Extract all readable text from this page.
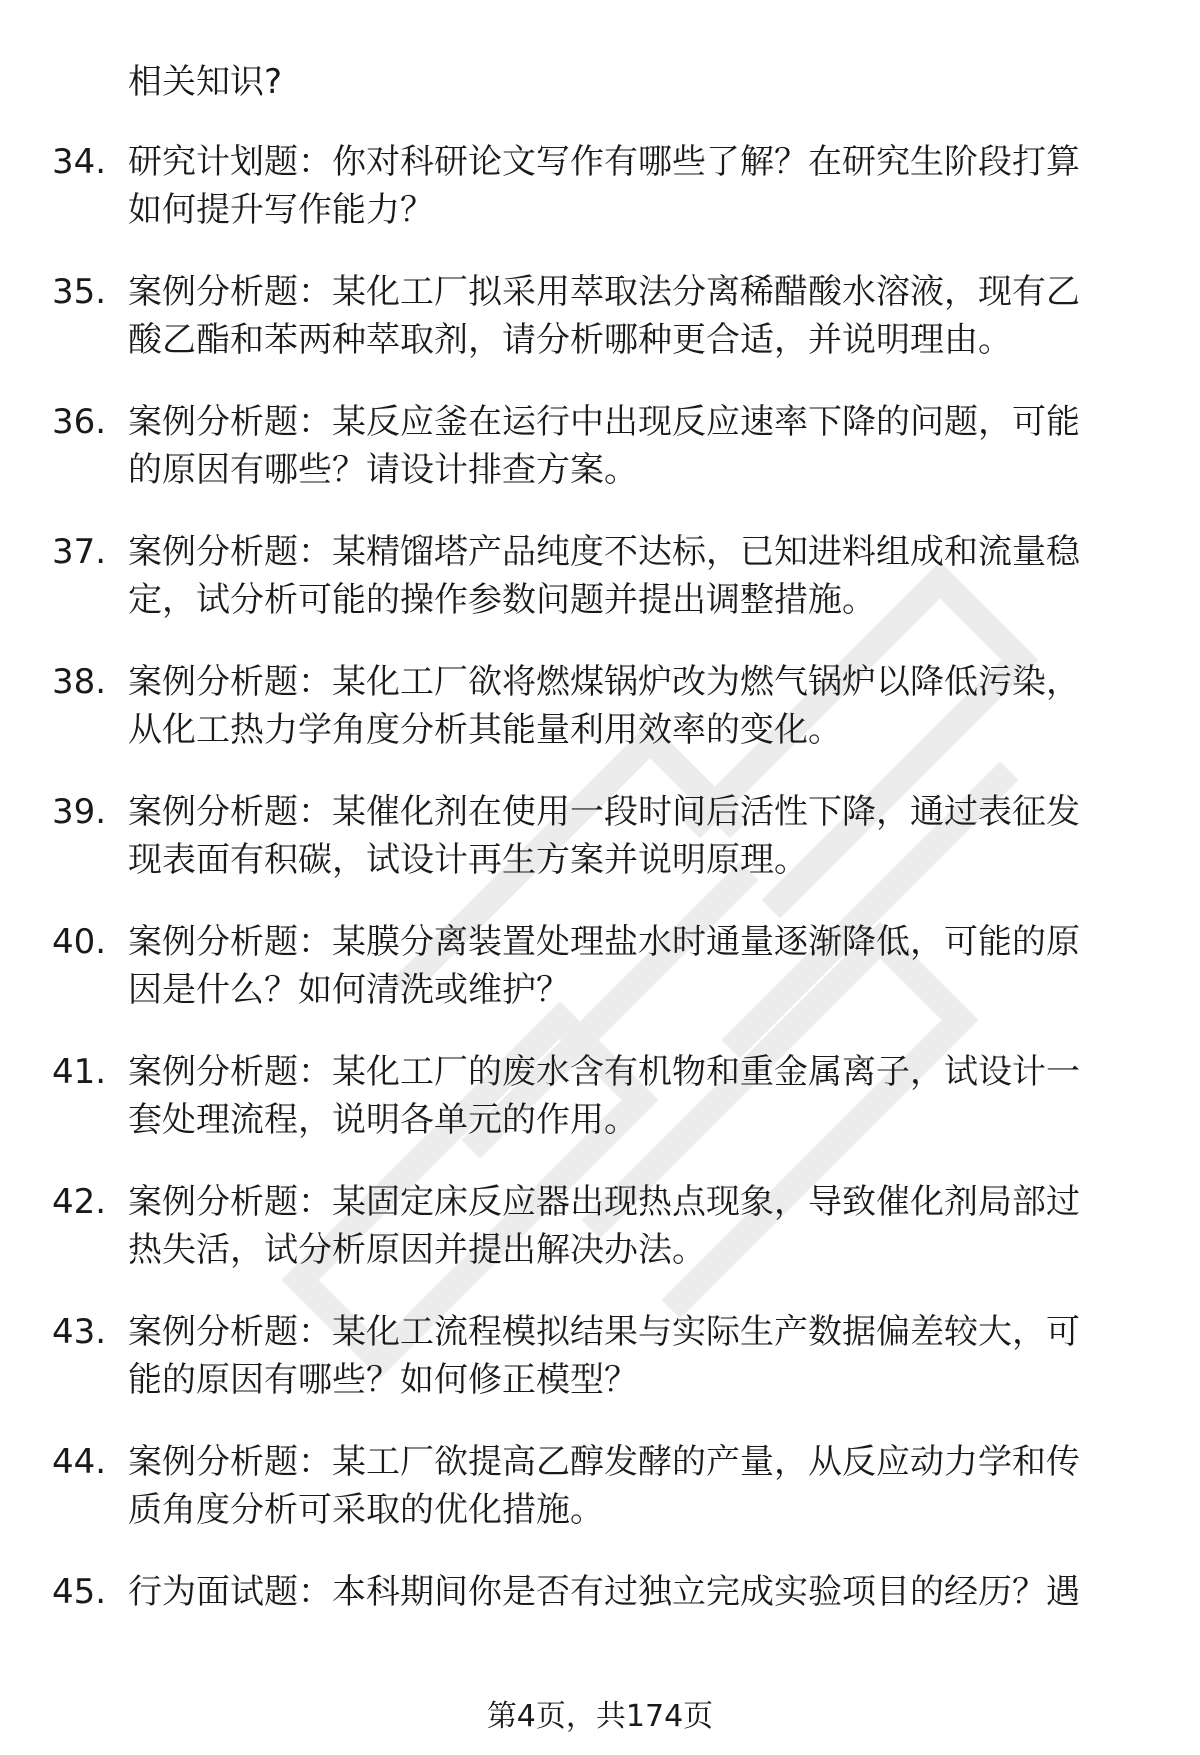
相关知识?
34. 研究计划题：你对科研论文写作有哪些了解？在研究生阶段打算
如何提升写作能力？
35. 案例分析题：某化工厂拟采用萃取法分离稀醋酸水溶液，现有乙
酸乙酯和苯两种萃取剂，请分析哪种更合适，并说明理由。
36. 案例分析题：某反应釜在运行中出现反应速率下降的问题，可能
的原因有哪些？请设计排查方案。
37. 案例分析题：某精馏塔产品纯度不达标，已知进料组成和流量稳
定，试分析可能的操作参数问题并提出调整措施。
38. 案例分析题：某化工厂欲将燃煤锅炉改为燃气锅炉以降低污染，
从化工热力学角度分析其能量利用效率的变化。
39. 案例分析题：某催化剂在使用一段时间后活性下降，通过表征发
现表面有积碳，试设计再生方案并说明原理。
40. 案例分析题：某膜分离装置处理盐水时通量逐渐降低，可能的原
因是什么？如何清洗或维护？
41. 案例分析题：某化工厂的废水含有机物和重金属离子，试设计一
套处理流程，说明各单元的作用。
42. 案例分析题：某固定床反应器出现热点现象，导致催化剂局部过
热失活，试分析原因并提出解决办法。
43. 案例分析题：某化工流程模拟结果与实际生产数据偏差较大，可
能的原因有哪些？如何修正模型？
44. 案例分析题：某工厂欲提高乙醇发酵的产量，从反应动力学和传
质角度分析可采取的优化措施。
45. 行为面试题：本科期间你是否有过独立完成实验项目的经历？遇
第4页，共174页
